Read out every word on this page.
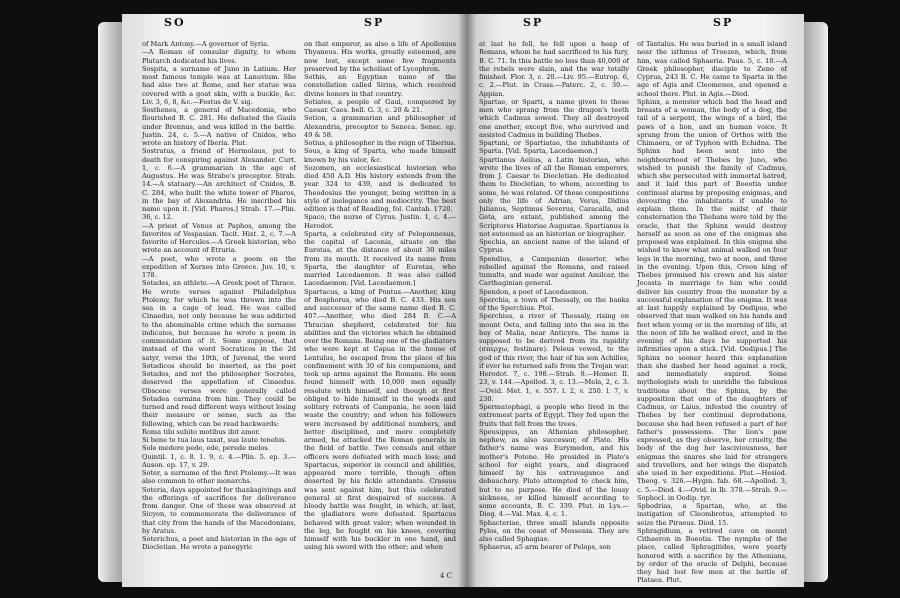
SO	SP

of Mark Antony.—A governor of Syria.

—A Roman of consular dignity, to whom Plutarch dedicated his lives.

Sospita, a surname of Juno in Latium. Her most famous temple was at Lanuvium. She had also two at Rome, and her statue was covered with a goat skin, with a buckle, &c. Liv. 3, 6, 8, &c.—Festus de V. sig.

Sosthenes, a general of Macedonia, who flourished B. C. 281. He defeated the Gauls under Brennus, and was killed in the battle. Justin. 24, c. 5.—A native of Cnidos, who wrote an history of Iberia. Plut.

Sostratus, a friend of Hermolaus, put to death for conspiring against Alexander. Curt. 1, c. 6.—A grammarian in the age of Augustus. He was Strabo's preceptor. Strab. 14.—A statuary.—An architect of Cnidos, B. C. 284, who built the white tower of Pharos, in the bay of Alexandria. He inscribed his name upon it. [Vid. Pharos.] Strab. 17.—Plin. 36, c. 12.

—A priest of Venus at Paphos, among the favorites of Vespasian. Tacit. Hist. 2, c. 7.—A favorite of Hercules.—A Greek historian, who wrote an account of Etruria.

—A poet, who wrote a poem on the expedition of Xerxes into Greece. Juv. 10, v. 178.

Sotades, an athlete.—A Greek poet of Thrace. He wrote verses against Philadelphus Ptolemy, for which he was thrown into the sea in a cage of lead. He was called Cinaedus, not only because he was addicted to the abominable crime which the surname indicates, but because he wrote a poem in commendation of it. Some suppose, that instead of the word Socraticos in the 2d satyr, verse the 10th, of Juvenal, the word Sotadicos should be inserted, as the poet Sotades, and not the philosopher Socrates, deserved the appellation of Cinaedus. Obscene verses were generally called Sotadea carmina from him. They could be turned and read different ways without losing their measure or sense, such as the following, which can be read backwards:

Roma tibi subito motibus ibit amor.

Si bene te tua laus taxat, sua laute tenebis.

Sole medere pede, ede, perede melos.

Quintil. 1, c. 8. 1. 9, c. 4.—Plin. 5. ep. 3.—Auson. ep. 17, v. 29.

Soter, a surname of the first Ptolemy.—It was also common to other monarchs.

Soteria, days appointed for thanksgivings and the offerings of sacrifices for deliverance from danger. One of these was observed at Sicyon, to commemorate the deliverance of that city from the hands of the Macedonians, by Aratus.

Soterichus, a poet and historian in the age of Diocletian. He wrote a panegyric

on that emperor, as also a life of Apollonius Thyaneus. His works, greatly esteemed, are now lost, except some few fragments preserved by the scholiast of Lycophron.

Sothis, an Egyptian name of the constellation called Sirius, which received divine honors in that country.

Sotiates, a people of Gaul, conquered by Caesar. Caes. bell. G. 3, c. 20 & 21.

Sotion, a grammarian and philosopher of Alexandria, preceptor to Seneca. Senec. ep. 49 & 58.

Sotius, a philosopher in the reign of Tiberius.

Sous, a king of Sparta, who made himself known by his valor, &c.

Sozomen, an ecclesiastical historian who died 450 A.D. His history extends from the year 324 to 439, and is dedicated to Theodosius the younger, being written in a style of inelegance and mediocrity. The best edition is that of Reading, fol. Cantab. 1720.

Spaco, the nurse of Cyrus. Justin. 1, c. 4.—Herodot.

Sparta, a celebrated city of Peloponnesus, the capital of Laconia, situate on the Eurotas, at the distance of about 30 miles from its mouth. It received its name from Sparta, the daughter of Eurotas, who married Lacedaemon. It was also called Lacedaemon. [Vid. Lacedaemon.]

Spartacus, a king of Pontus.—Another, king of Bosphorus, who died B. C. 433. His son and successor of the same name died B. C. 407.—Another, who died 284 B. C.—A Thracian shepherd, celebrated for his abilities and the victories which he obtained over the Romans. Being one of the gladiators who were kept at Capua in the house of Lentulus, he escaped from the place of his confinement with 30 of his companions, and took up arms against the Romans. He soon found himself with 10,000 men equally resolute with himself, and though at first obliged to hide himself in the woods and solitary retreats of Campania, he soon laid waste the country; and when his followers were increased by additional numbers, and better disciplined, and more completely armed, he attacked the Roman generals in the field of battle. Two consuls and other officers were defeated with much loss; and Spartacus, superior in council and abilities, appeared more terrible, though often deserted by his fickle attendants. Crassus was sent against him, but this celebrated general at first despaired of success. A bloody battle was fought, in which, at last, the gladiators were defeated. Spartacus behaved with great valor; when wounded in the leg, he fought on his knees, covering himself with his buckler in one hand, and using his sword with the other; and when

4 C
SP	SP

at last he fell, he fell upon a heap of Romans, whom he had sacrificed to his fury, B. C. 71. In this battle no less than 40,000 of the rebels were slain, and the war totally finished. Flor. 3, c. 20.—Liv. 95.—Eutrop. 6, c. 2.—Plut. in Crass.—Paterc. 2, c. 30.—Appian.

Spartae, or Sparti, a name given to those men who sprang from the dragon's teeth which Cadmus sowed. They all destroyed one another, except five, who survived and assisted Cadmus in building Thebes.

Spartani, or Spartiatae, the inhabitants of Sparta. [Vid. Sparta, Lacedaemon.]

Spartianus Aelius, a Latin historian, who wrote the lives of all the Roman emperors, from J. Caesar to Diocletian. He dedicated them to Diocletian, to whom, according to some, he was related. Of these compositions only the life of Adrian, Verus, Didius Julianus, Septimus Severus, Caracalla, and Geta, are extant, published among the Scriptores Historiae Augustae. Spartianus is not esteemed as an historian or biographer.

Spechia, an ancient name of the island of Cyprus.

Spendius, a Campanian deserter, who rebelled against the Romans, and raised tumults, and made war against Amilcar, the Carthaginian general.

Spendon, a poet of Lacedaemon.

Sperchia, a town of Thessaly, on the banks of the Sperchius. Ptol.

Sperchius, a river of Thessaly, rising on mount Oeta, and falling into the sea in the bay of Malia, near Anticyra. The name is supposed to be derived from its rapidity (σπερχω, festinare). Peleus vowed, to the god of this river, the hair of his son Achilles, if ever he returned safe from the Trojan war. Herodot. 7, c. 198.—Strab. 9.—Homer. Il. 23, v. 144.—Apollod. 3, c. 13.—Mela, 2, c. 3.—Ovid. Met. 1, v. 557. l. 2, v. 250. l. 7, v. 230.

Spermatophagi, a people who lived in the extremest parts of Egypt. They fed upon the fruits that fell from the trees.

Speusippus, an Athenian philosopher, nephew, as also successor, of Plato. His father's name was Eurymedon, and his mother's Potone. He presided in Plato's school for eight years, and disgraced himself by his extravagance and debauchery. Plato attempted to check him, but to no purpose. He died of the lousy sickness, or killed himself according to some accounts, B. C. 339. Plut. in Lys.—Diog. 4.—Val. Max. 4, c. 1.

Sphacteriae, three small islands opposite Pylos, on the coast of Messenia. They are also called Sphagiae.

Sphaerus, a5 arm bearer of Pelops, son

of Tantalus. He was buried in a small island near the isthmus of Troezen, which, from him, was called Sphaeria. Paus. 5, c. 10.—A Greek philosopher, disciple to Zeno of Cyprus, 243 B. C. He came to Sparta in the age of Agis and Cleomenes, and opened a school there. Plut. in Agis.—Diod.

Sphinx, a monster which had the head and breasts of a woman, the body of a dog, the tail of a serpent, the wings of a bird, the paws of a lion, and an human voice. It sprang from the union of Orthos with the Chimaera, or of Typhon with Echidna. The Sphinx had been sent into the neighbourhood of Thebes by Juno, who wished to punish the family of Cadmus, which she persecuted with immortal hatred, and it laid this part of Boeotia under continual alarms by proposing enigmas, and devouring the inhabitants if unable to explain them. In the midst of their consternation the Thebans were told by the oracle, that the Sphinx would destroy herself as soon as one of the enigmas she proposed was explained. In this enigma she wished to know what animal walked on four legs in the morning, two at noon, and three in the evening. Upon this, Creon king of Thebes promised his crown and his sister Jocasta in marriage to him who could deliver his country from the monster by a successful explanation of the enigma. It was at last happily explained by Oedipus, who observed that man walked on his hands and feet when young or in the morning of life, at the noon of life he walked erect, and in the evening of his days he supported his infirmities upon a stick. [Vid. Oedipus.] The Sphinx no sooner heard this explanation than she dashed her head against a rock, and immediately expired. Some mythologists wish to unriddle the fabulous traditions about the Sphinx, by the supposition that one of the daughters of Cadmus, or Laius, infested the country of Thebes by her continual depredations, because she had been refused a part of her father's possessions. The lion's paw expressed, as they observe, her cruelty, the body of the dog her lasciviousness, her enigmas the snares she laid for strangers and travellers, and her wings the dispatch she used in her expeditions. Plut.—Hesiod. Theog. v. 326.—Hygin. fab. 68.—Apollod. 3, c. 5.—Diod. 4.—Ovid. in Ib. 378.—Strab. 9.—Sophocl. in Oedip. tyr.

Sphodrias, a Spartan, who, at the instigation of Cleombrotus, attempted to seize the Piraeus. Diod. 15.

Sphragidium, a retired cave on mount Cithaeron in Boeotia. The nymphs of the place, called Sphragitides, were yearly honored with a sacrifice by the Athenians, by order of the oracle of Delphi, because they had lost few men at the battle of Plataea. Plut.
